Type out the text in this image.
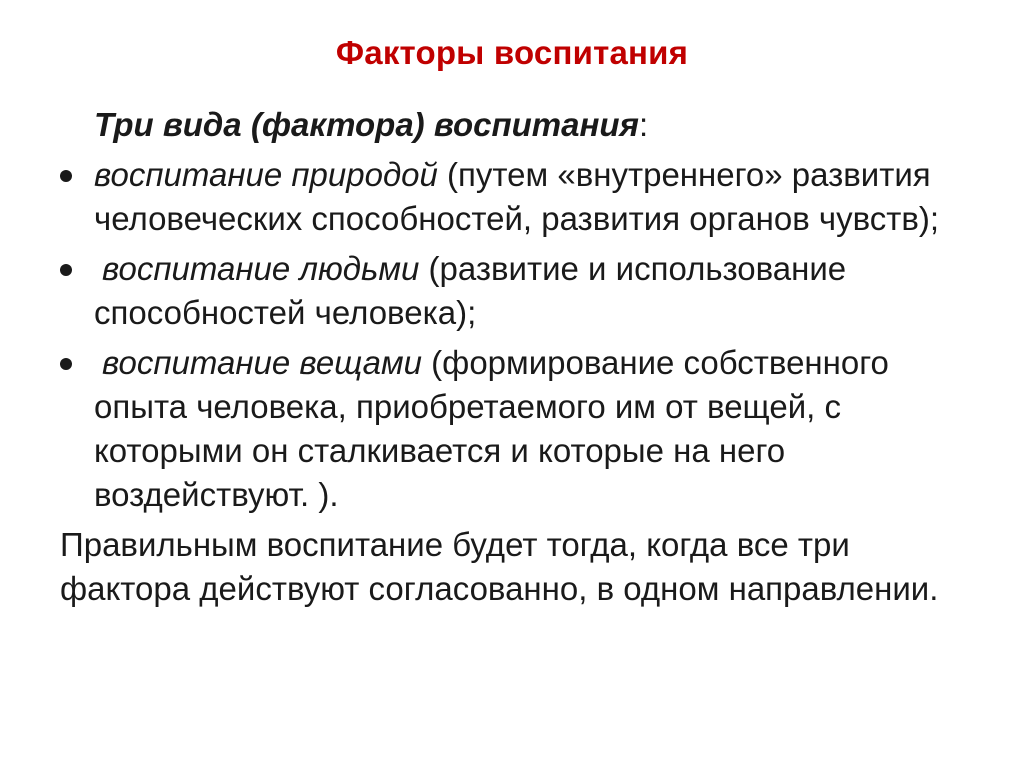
Факторы воспитания
Три вида (фактора) воспитания:
воспитание природой (путем «внутреннего» развития человеческих способностей, развития органов чувств);
воспитание людьми (развитие и использование способностей человека);
воспитание вещами (формирование собственного опыта человека, приобретаемого им от вещей, с которыми он сталкивается и которые на него воздействуют. ).
Правильным воспитание будет тогда, когда все три фактора действуют согласованно, в одном направлении.
